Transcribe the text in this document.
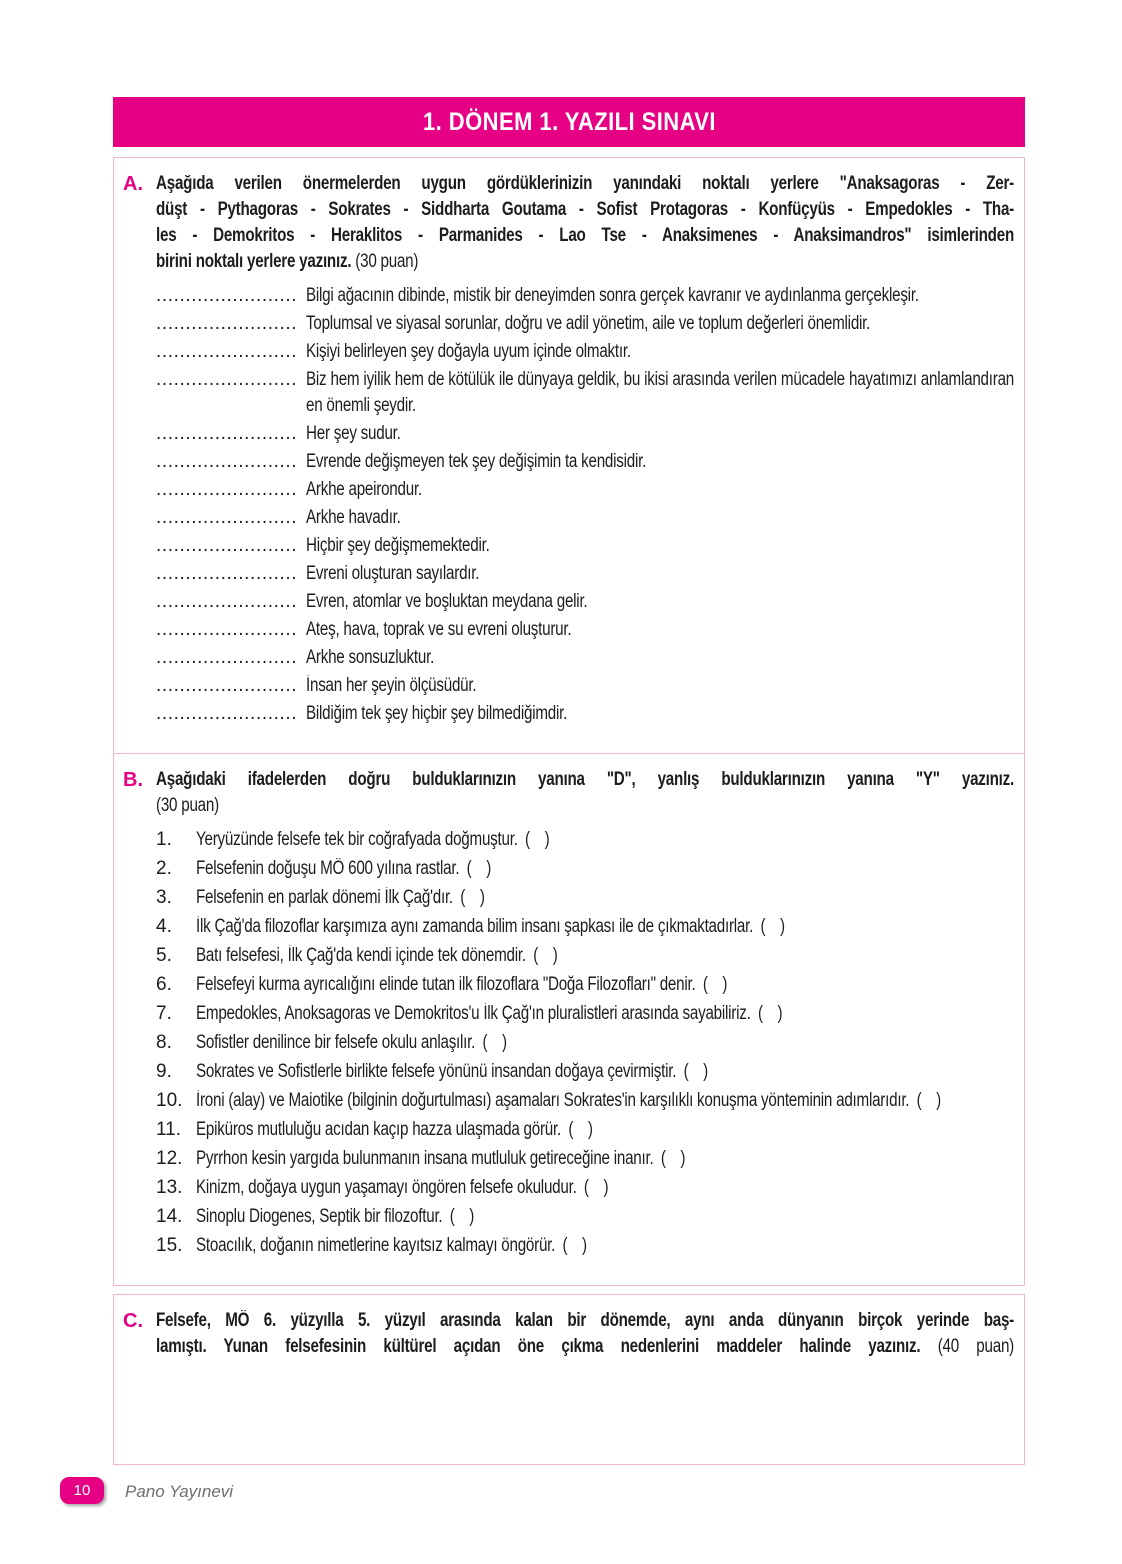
1. DÖNEM 1. YAZILI SINAVI
A. Aşağıda verilen önermelerden uygun gördüklerinizin yanındaki noktalı yerlere "Anaksagoras - Zer-
düşt - Pythagoras - Sokrates - Siddharta Goutama - Sofist Protagoras - Konfüçyüs - Empedokles - Tha-
les - Demokritos - Heraklitos - Parmanides - Lao Tse - Anaksimenes - Anaksimandros" isimlerinden
birini noktalı yerlere yazınız. (30 puan)
........................ Bilgi ağacının dibinde, mistik bir deneyimden sonra gerçek kavranır ve aydınlanma gerçekleşir.
........................ Toplumsal ve siyasal sorunlar, doğru ve adil yönetim, aile ve toplum değerleri önemlidir.
........................ Kişiyi belirleyen şey doğayla uyum içinde olmaktır.
........................ Biz hem iyilik hem de kötülük ile dünyaya geldik, bu ikisi arasında verilen mücadele hayatımızı anlamlandıran en önemli şeydir.
........................ Her şey sudur.
........................ Evrende değişmeyen tek şey değişimin ta kendisidir.
........................ Arkhe apeirondur.
........................ Arkhe havadır.
........................ Hiçbir şey değişmemektedir.
........................ Evreni oluşturan sayılardır.
........................ Evren, atomlar ve boşluktan meydana gelir.
........................ Ateş, hava, toprak ve su evreni oluşturur.
........................ Arkhe sonsuzluktur.
........................ İnsan her şeyin ölçüsüdür.
........................ Bildiğim tek şey hiçbir şey bilmediğimdir.
B. Aşağıdaki ifadelerden doğru bulduklarınızın yanına "D", yanlış bulduklarınızın yanına "Y" yazınız.
(30 puan)
1.	Yeryüzünde felsefe tek bir coğrafyada doğmuştur. (  )
2.	Felsefenin doğuşu MÖ 600 yılına rastlar. (  )
3.	Felsefenin en parlak dönemi İlk Çağ'dır. (  )
4.	İlk Çağ'da filozoflar karşımıza aynı zamanda bilim insanı şapkası ile de çıkmaktadırlar. (  )
5.	Batı felsefesi, İlk Çağ'da kendi içinde tek dönemdir. (  )
6.	Felsefeyi kurma ayrıcalığını elinde tutan ilk filozoflara "Doğa Filozofları" denir. (  )
7.	Empedokles, Anoksagoras ve Demokritos'u İlk Çağ'ın pluralistleri arasında sayabiliriz. (  )
8.	Sofistler denilince bir felsefe okulu anlaşılır. (  )
9.	Sokrates ve Sofistlerle birlikte felsefe yönünü insandan doğaya çevirmiştir. (  )
10. İroni (alay) ve Maiotike (bilginin doğurtulması) aşamaları Sokrates'in karşılıklı konuşma yönteminin adımlarıdır. (  )
11. Epiküros mutluluğu acıdan kaçıp hazza ulaşmada görür. (  )
12. Pyrrhon kesin yargıda bulunmanın insana mutluluk getireceğine inanır. (  )
13. Kinizm, doğaya uygun yaşamayı öngören felsefe okuludur. (  )
14. Sinoplu Diogenes, Septik bir filozoftur. (  )
15. Stoacılık, doğanın nimetlerine kayıtsız kalmayı öngörür. (  )
C. Felsefe, MÖ 6. yüzyılla 5. yüzyıl arasında kalan bir dönemde, aynı anda dünyanın birçok yerinde baş-
lamıştı. Yunan felsefesinin kültürel açıdan öne çıkma nedenlerini maddeler halinde yazınız. (40 puan)
10 Pano Yayınevi
